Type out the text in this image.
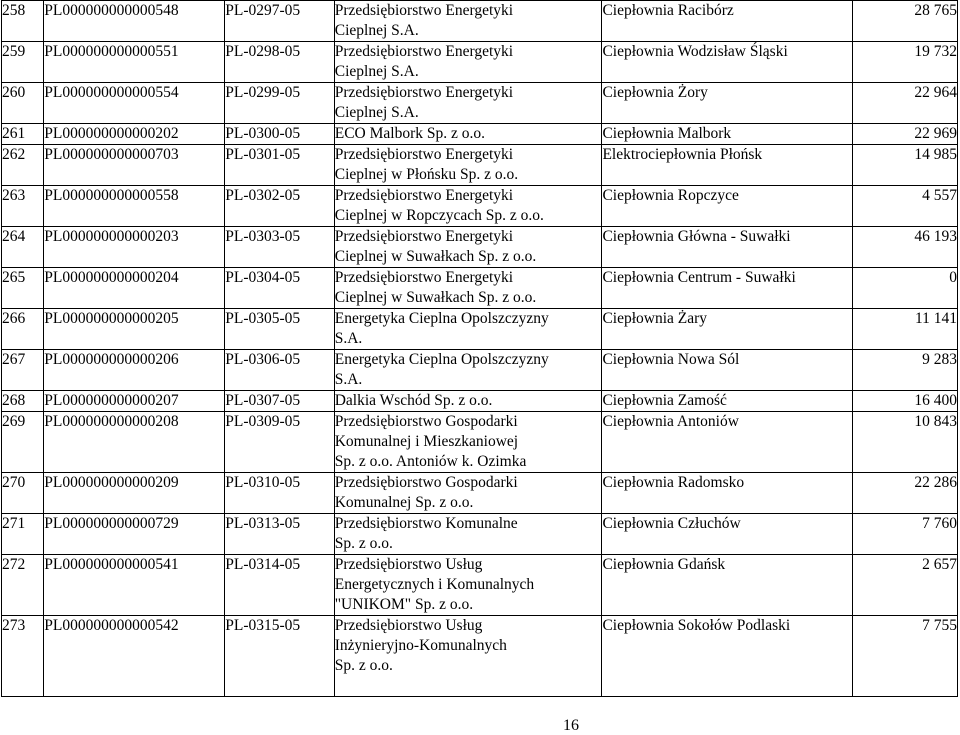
258	PL000000000000548	PL-0297-05	Przedsiębiorstwo Energetyki
Cieplnej S.A.	Ciepłownia Racibórz	28 765
259	PL000000000000551	PL-0298-05	Przedsiębiorstwo Energetyki
Cieplnej S.A.	Ciepłownia Wodzisław Śląski	19 732
260	PL000000000000554	PL-0299-05	Przedsiębiorstwo Energetyki
Cieplnej S.A.	Ciepłownia Żory	22 964
261	PL000000000000202	PL-0300-05	ECO Malbork Sp. z o.o.	Ciepłownia Malbork	22 969
262	PL000000000000703	PL-0301-05	Przedsiębiorstwo Energetyki
Cieplnej w Płońsku Sp. z o.o.	Elektrociepłownia Płońsk	14 985
263	PL000000000000558	PL-0302-05	Przedsiębiorstwo Energetyki
Cieplnej w Ropczycach Sp. z o.o.	Ciepłownia Ropczyce	4 557
264	PL000000000000203	PL-0303-05	Przedsiębiorstwo Energetyki
Cieplnej w Suwałkach Sp. z o.o.	Ciepłownia Główna - Suwałki	46 193
265	PL000000000000204	PL-0304-05	Przedsiębiorstwo Energetyki
Cieplnej w Suwałkach Sp. z o.o.	Ciepłownia Centrum - Suwałki	0
266	PL000000000000205	PL-0305-05	Energetyka Cieplna Opolszczyzny
S.A.	Ciepłownia Żary	11 141
267	PL000000000000206	PL-0306-05	Energetyka Cieplna Opolszczyzny
S.A.	Ciepłownia Nowa Sól	9 283
268	PL000000000000207	PL-0307-05	Dalkia Wschód Sp. z o.o.	Ciepłownia Zamość	16 400
269	PL000000000000208	PL-0309-05	Przedsiębiorstwo Gospodarki
Komunalnej i Mieszkaniowej
Sp. z o.o. Antoniów k. Ozimka	Ciepłownia Antoniów	10 843
270	PL000000000000209	PL-0310-05	Przedsiębiorstwo Gospodarki
Komunalnej Sp. z o.o.	Ciepłownia Radomsko	22 286
271	PL000000000000729	PL-0313-05	Przedsiębiorstwo Komunalne
Sp. z o.o.	Ciepłownia Człuchów	7 760
272	PL000000000000541	PL-0314-05	Przedsiębiorstwo Usług
Energetycznych i Komunalnych
"UNIKOM" Sp. z o.o.	Ciepłownia Gdańsk	2 657
273	PL000000000000542	PL-0315-05	Przedsiębiorstwo Usług
Inżynieryjno-Komunalnych
Sp. z o.o.	Ciepłownia Sokołów Podlaski	7 755
16
